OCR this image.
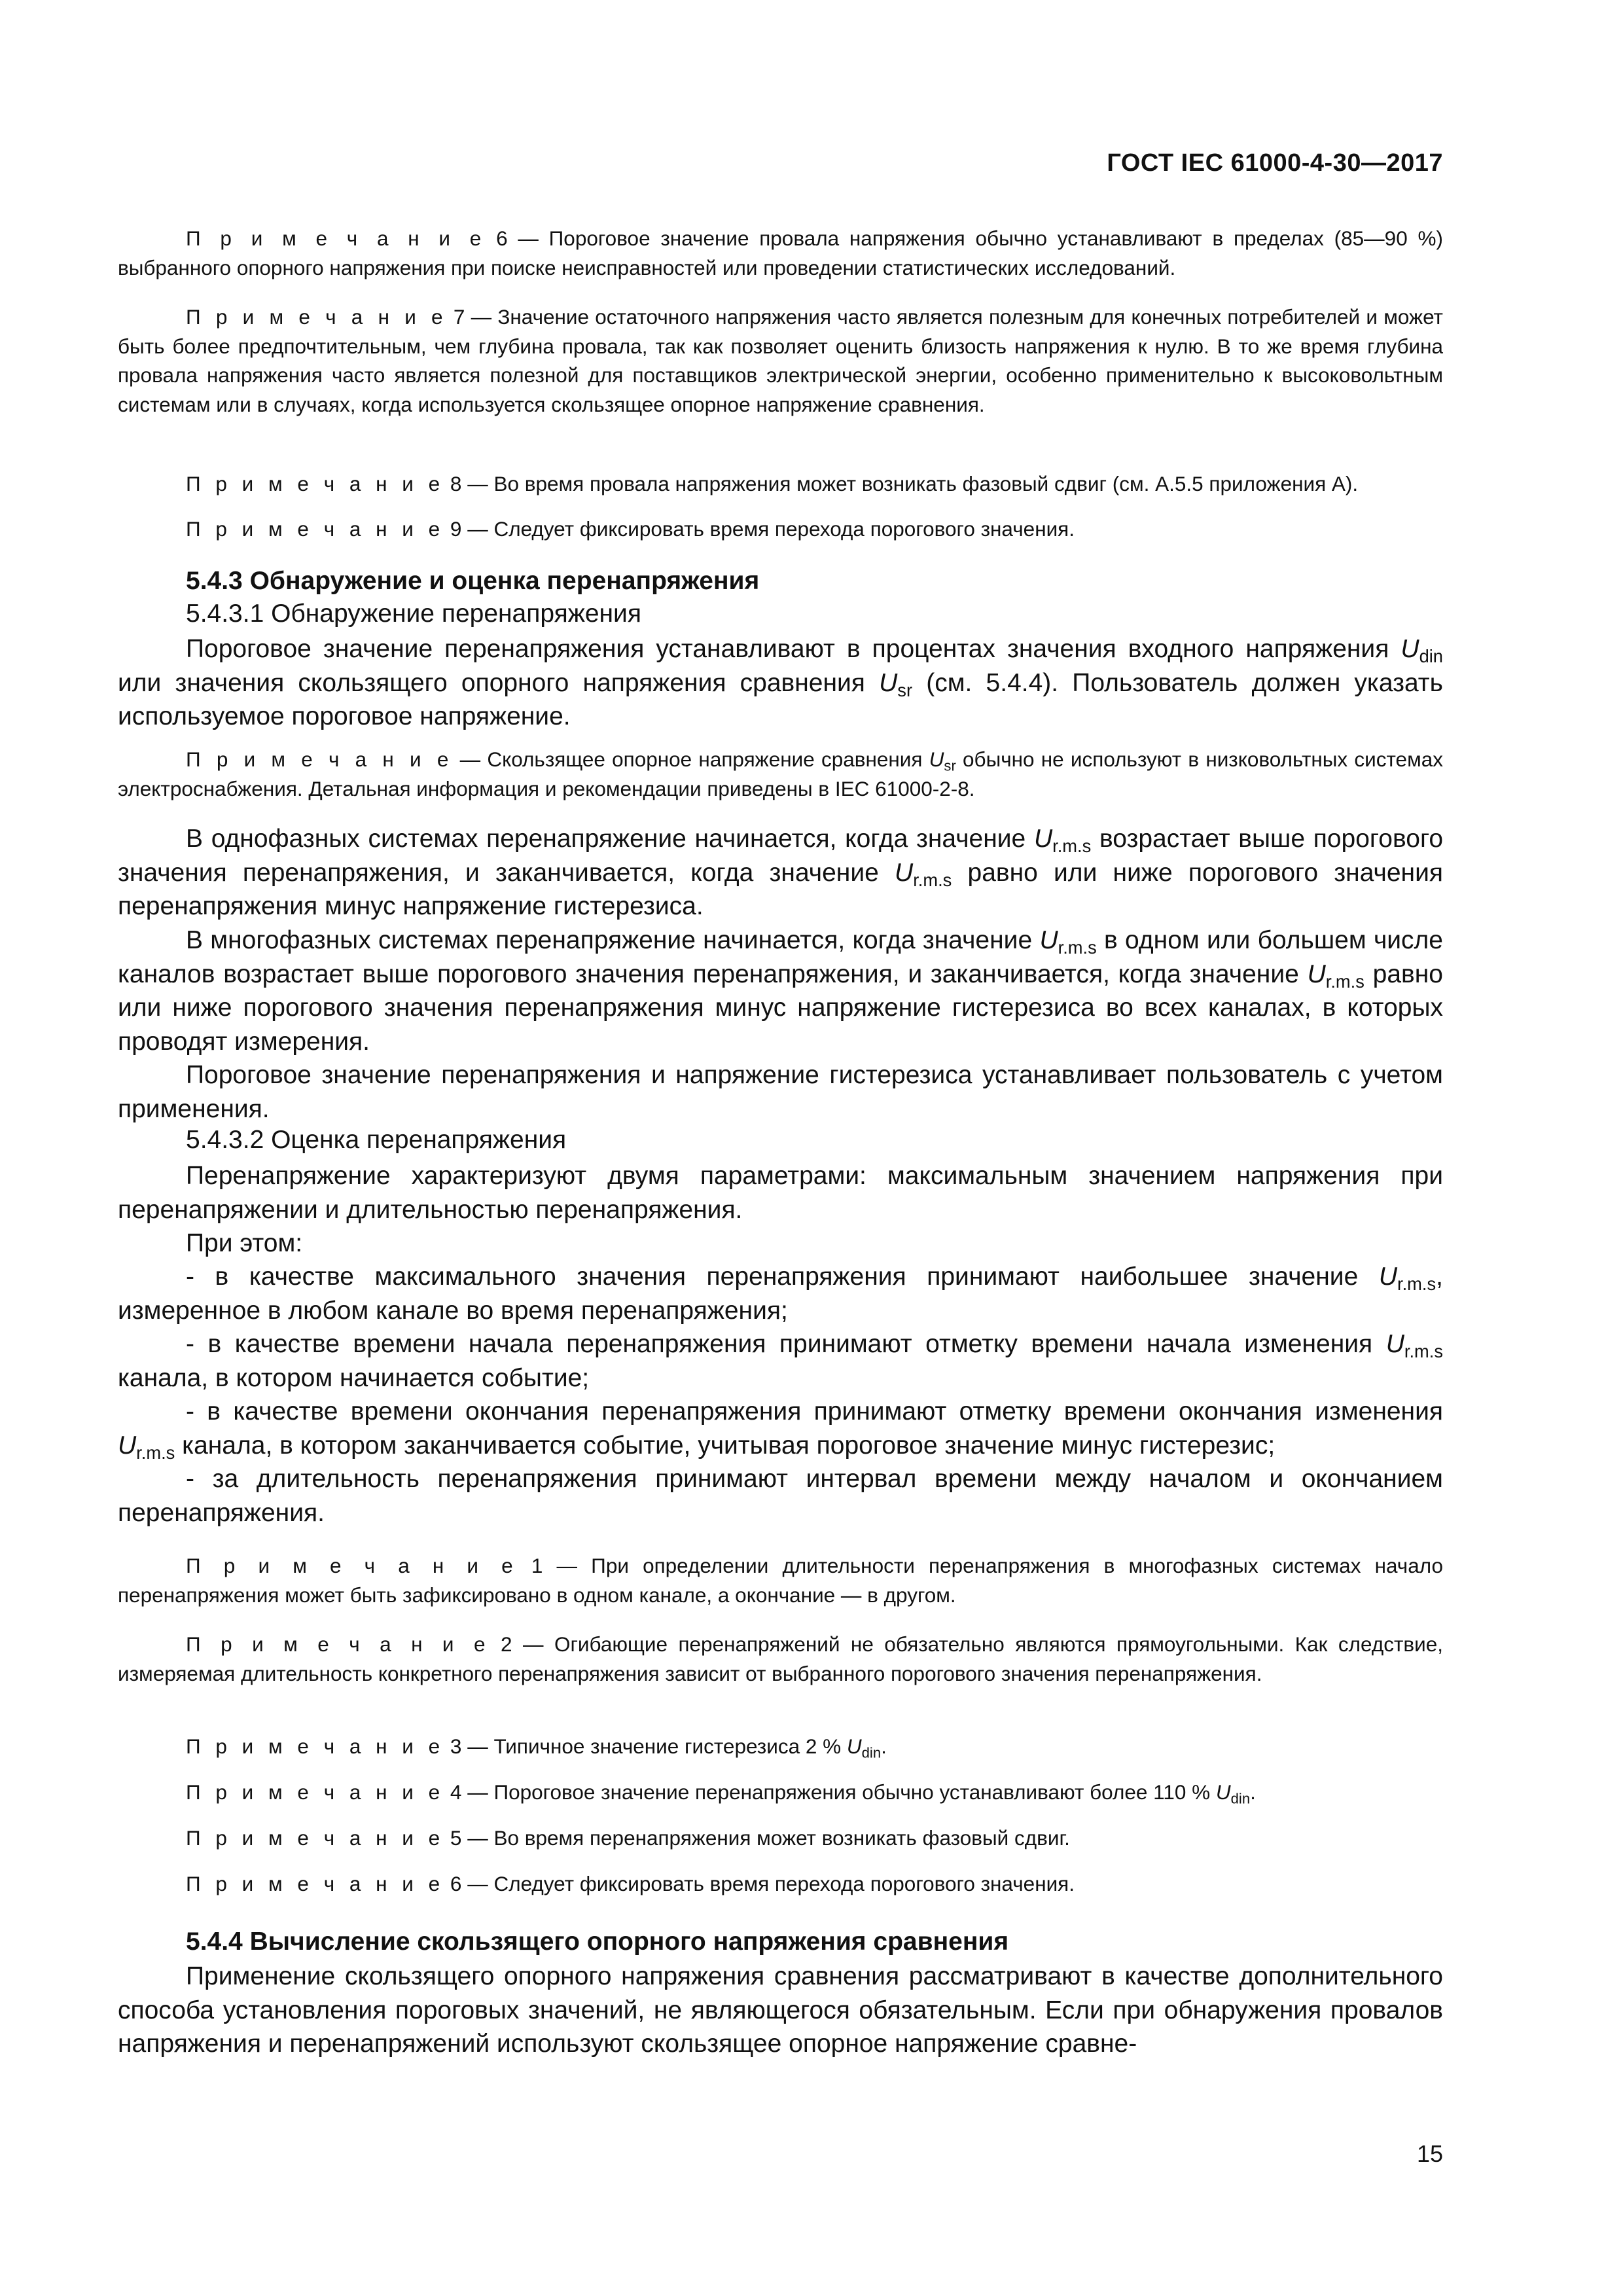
ГОСТ IEC 61000-4-30—2017
П р и м е ч а н и е 6 — Пороговое значение провала напряжения обычно устанавливают в пределах (85—90 %) выбранного опорного напряжения при поиске неисправностей или проведении статистических исследований.
П р и м е ч а н и е 7 — Значение остаточного напряжения часто является полезным для конечных потребителей и может быть более предпочтительным, чем глубина провала, так как позволяет оценить близость напряжения к нулю. В то же время глубина провала напряжения часто является полезной для поставщиков электрической энергии, особенно применительно к высоковольтным системам или в случаях, когда используется скользящее опорное напряжение сравнения.
П р и м е ч а н и е 8 — Во время провала напряжения может возникать фазовый сдвиг (см. А.5.5 приложения А).
П р и м е ч а н и е 9 — Следует фиксировать время перехода порогового значения.
5.4.3 Обнаружение и оценка перенапряжения
5.4.3.1 Обнаружение перенапряжения
Пороговое значение перенапряжения устанавливают в процентах значения входного напряжения $U_{din}$ или значения скользящего опорного напряжения сравнения $U_{sr}$ (см. 5.4.4). Пользователь должен указать используемое пороговое напряжение.
П р и м е ч а н и е — Скользящее опорное напряжение сравнения $U_{sr}$ обычно не используют в низковольтных системах электроснабжения. Детальная информация и рекомендации приведены в IEC 61000-2-8.
В однофазных системах перенапряжение начинается, когда значение $U_{r.m.s}$ возрастает выше порогового значения перенапряжения, и заканчивается, когда значение $U_{r.m.s}$ равно или ниже порогового значения перенапряжения минус напряжение гистерезиса.
В многофазных системах перенапряжение начинается, когда значение $U_{r.m.s}$ в одном или большем числе каналов возрастает выше порогового значения перенапряжения, и заканчивается, когда значение $U_{r.m.s}$ равно или ниже порогового значения перенапряжения минус напряжение гистерезиса во всех каналах, в которых проводят измерения.
Пороговое значение перенапряжения и напряжение гистерезиса устанавливает пользователь с учетом применения.
5.4.3.2 Оценка перенапряжения
Перенапряжение характеризуют двумя параметрами: максимальным значением напряжения при перенапряжении и длительностью перенапряжения.
При этом:
- в качестве максимального значения перенапряжения принимают наибольшее значение $U_{r.m.s}$, измеренное в любом канале во время перенапряжения;
- в качестве времени начала перенапряжения принимают отметку времени начала изменения $U_{r.m.s}$ канала, в котором начинается событие;
- в качестве времени окончания перенапряжения принимают отметку времени окончания изменения $U_{r.m.s}$ канала, в котором заканчивается событие, учитывая пороговое значение минус гистерезис;
- за длительность перенапряжения принимают интервал времени между началом и окончанием перенапряжения.
П р и м е ч а н и е 1 — При определении длительности перенапряжения в многофазных системах начало перенапряжения может быть зафиксировано в одном канале, а окончание — в другом.
П р и м е ч а н и е 2 — Огибающие перенапряжений не обязательно являются прямоугольными. Как следствие, измеряемая длительность конкретного перенапряжения зависит от выбранного порогового значения перенапряжения.
П р и м е ч а н и е 3 — Типичное значение гистерезиса 2 % $U_{din}$.
П р и м е ч а н и е 4 — Пороговое значение перенапряжения обычно устанавливают более 110 % $U_{din}$.
П р и м е ч а н и е 5 — Во время перенапряжения может возникать фазовый сдвиг.
П р и м е ч а н и е 6 — Следует фиксировать время перехода порогового значения.
5.4.4 Вычисление скользящего опорного напряжения сравнения
Применение скользящего опорного напряжения сравнения рассматривают в качестве дополнительного способа установления пороговых значений, не являющегося обязательным. Если при обнаружения провалов напряжения и перенапряжений используют скользящее опорное напряжение сравне-
15
